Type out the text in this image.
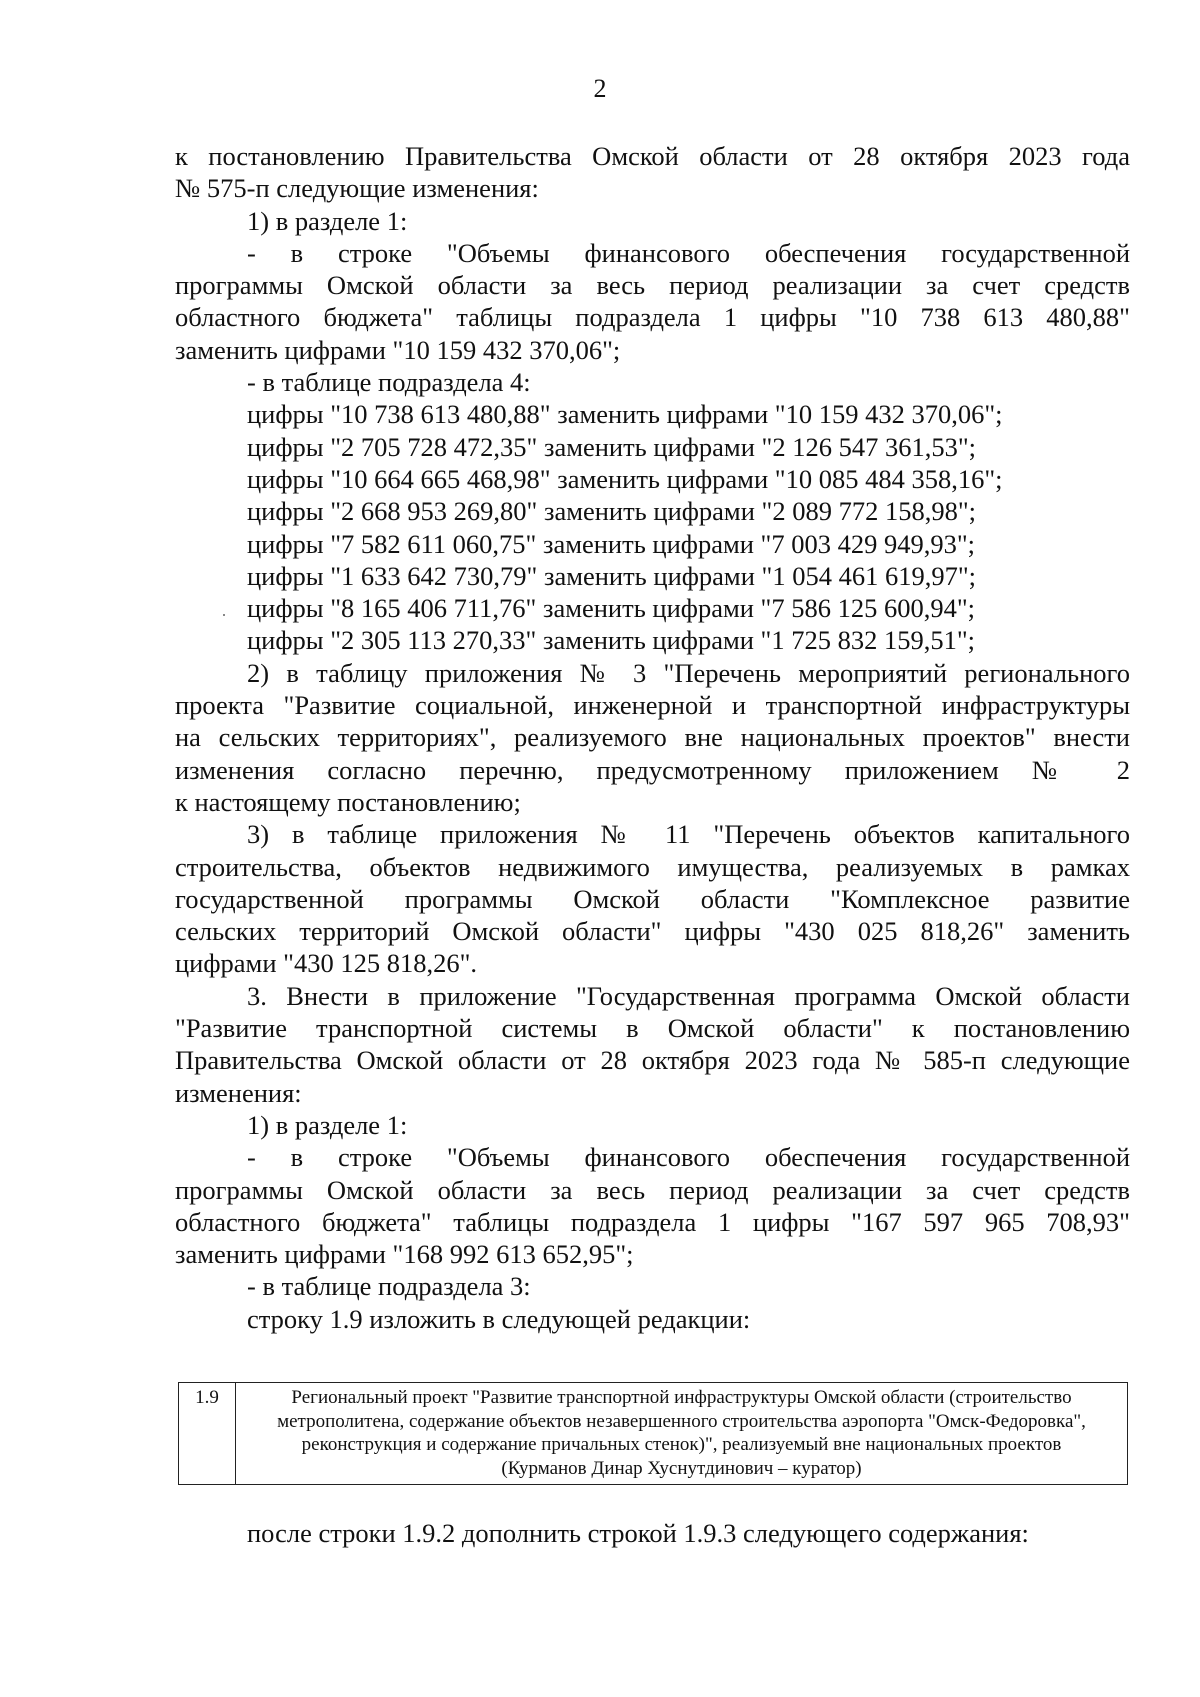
2

к постановлению Правительства Омской области от 28 октября 2023 года

№ 575-п следующие изменения:

1) в разделе 1:

- в строке "Объемы финансового обеспечения государственной

программы Омской области за весь период реализации за счет средств

областного бюджета" таблицы подраздела 1 цифры "10 738 613 480,88"

заменить цифрами "10 159 432 370,06";

- в таблице подраздела 4:

цифры "10 738 613 480,88" заменить цифрами "10 159 432 370,06";

цифры "2 705 728 472,35" заменить цифрами "2 126 547 361,53";

цифры "10 664 665 468,98" заменить цифрами "10 085 484 358,16";

цифры "2 668 953 269,80" заменить цифрами "2 089 772 158,98";

цифры "7 582 611 060,75" заменить цифрами "7 003 429 949,93";

цифры "1 633 642 730,79" заменить цифрами "1 054 461 619,97";

цифры "8 165 406 711,76" заменить цифрами "7 586 125 600,94";

цифры "2 305 113 270,33" заменить цифрами "1 725 832 159,51";

2) в таблицу приложения № 3 "Перечень мероприятий регионального

проекта "Развитие социальной, инженерной и транспортной инфраструктуры

на сельских территориях", реализуемого вне национальных проектов" внести

изменения согласно перечню, предусмотренному приложением № 2

к настоящему постановлению;

3) в таблице приложения № 11 "Перечень объектов капитального

строительства, объектов недвижимого имущества, реализуемых в рамках

государственной программы Омской области "Комплексное развитие

сельских территорий Омской области" цифры "430 025 818,26" заменить

цифрами "430 125 818,26".

3. Внести в приложение "Государственная программа Омской области

"Развитие транспортной системы в Омской области" к постановлению

Правительства Омской области от 28 октября 2023 года № 585-п следующие

изменения:

1) в разделе 1:

- в строке "Объемы финансового обеспечения государственной

программы Омской области за весь период реализации за счет средств

областного бюджета" таблицы подраздела 1 цифры "167 597 965 708,93"

заменить цифрами "168 992 613 652,95";

- в таблице подраздела 3:

строку 1.9 изложить в следующей редакции:

1.9	Региональный проект "Развитие транспортной инфраструктуры Омской области (строительство
метрополитена, содержание объектов незавершенного строительства аэропорта "Омск-Федоровка",
реконструкция и содержание причальных стенок)", реализуемый вне национальных проектов
(Курманов Динар Хуснутдинович – куратор)
после строки 1.9.2 дополнить строкой 1.9.3 следующего содержания:
